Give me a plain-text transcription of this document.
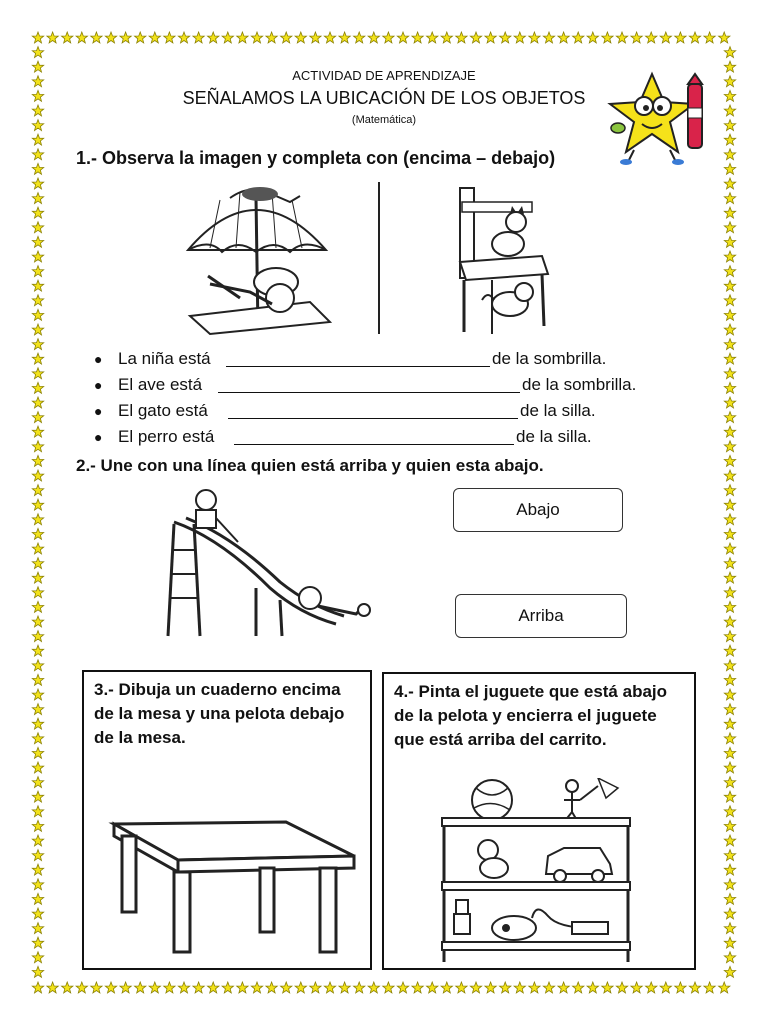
ACTIVIDAD DE APRENDIZAJE
SEÑALAMOS LA UBICACIÓN DE LOS OBJETOS
(Matemática)
1.- Observa la imagen y completa con (encima – debajo)
● La niña está	de la sombrilla.
● El ave está	de la sombrilla.
● El gato está	de la silla.
● El perro está	de la silla.
2.- Une con una línea quien está arriba y quien esta abajo.
Abajo
Arriba
3.- Dibuja un cuaderno encima de la mesa y una pelota debajo de la mesa.
4.- Pinta el juguete que está abajo de la pelota y encierra el juguete que está arriba del carrito.
